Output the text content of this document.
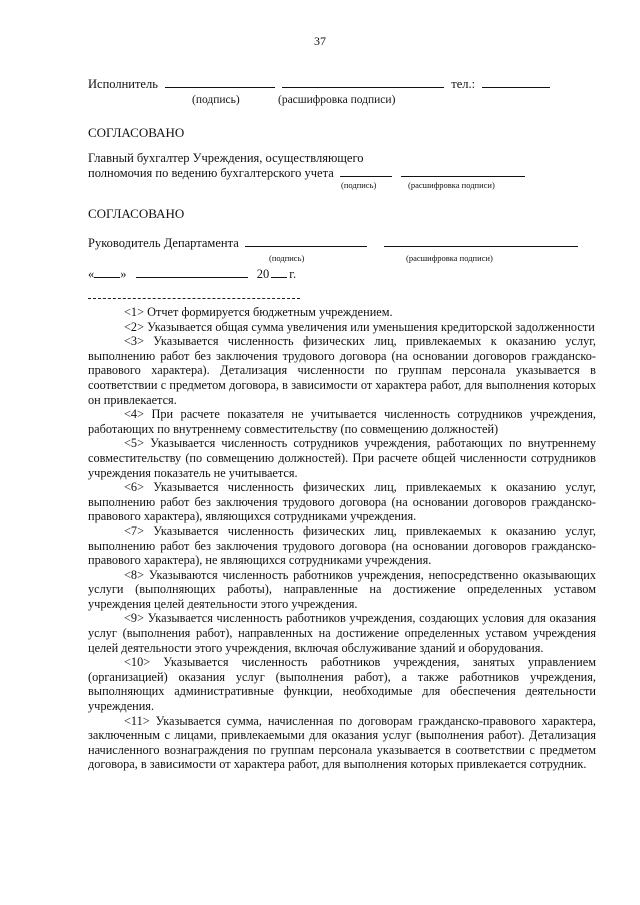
37
Исполнитель	тел.:
(подпись)	(расшифровка подписи)
СОГЛАСОВАНО
Главный бухгалтер Учреждения, осуществляющего
полномочия по ведению бухгалтерского учета
(подпись)	(расшифровка подписи)
СОГЛАСОВАНО
Руководитель Департамента
(подпись)	(расшифровка подписи)
« »	20 г.

<1> Отчет формируется бюджетным учреждением.

<2> Указывается общая сумма увеличения или уменьшения кредиторской задолженности

<3> Указывается численность физических лиц, привлекаемых к оказанию услуг, выполнению работ без заключения трудового договора (на основании договоров гражданско-правового характера). Детализация численности по группам персонала указывается в соответствии с предметом договора, в зависимости от характера работ, для выполнения которых он привлекается.

<4> При расчете показателя не учитывается численность сотрудников учреждения, работающих по внутреннему совместительству (по совмещению должностей)

<5> Указывается численность сотрудников учреждения, работающих по внутреннему совместительству (по совмещению должностей). При расчете общей численности сотрудников учреждения показатель не учитывается.

<6> Указывается численность физических лиц, привлекаемых к оказанию услуг, выполнению работ без заключения трудового договора (на основании договоров гражданско-правового характера), являющихся сотрудниками учреждения.

<7> Указывается численность физических лиц, привлекаемых к оказанию услуг, выполнению работ без заключения трудового договора (на основании договоров гражданско-правового характера), не являющихся сотрудниками учреждения.

<8> Указываются численность работников учреждения, непосредственно оказывающих услуги (выполняющих работы), направленные на достижение определенных уставом учреждения целей деятельности этого учреждения.

<9> Указывается численность работников учреждения, создающих условия для оказания услуг (выполнения работ), направленных на достижение определенных уставом учреждения целей деятельности этого учреждения, включая обслуживание зданий и оборудования.

<10> Указывается численность работников учреждения, занятых управлением (организацией) оказания услуг (выполнения работ), а также работников учреждения, выполняющих административные функции, необходимые для обеспечения деятельности учреждения.

<11> Указывается сумма, начисленная по договорам гражданско-правового характера, заключенным с лицами, привлекаемыми для оказания услуг (выполнения работ). Детализация начисленного вознаграждения по группам персонала указывается в соответствии с предметом договора, в зависимости от характера работ, для выполнения которых привлекается сотрудник.
